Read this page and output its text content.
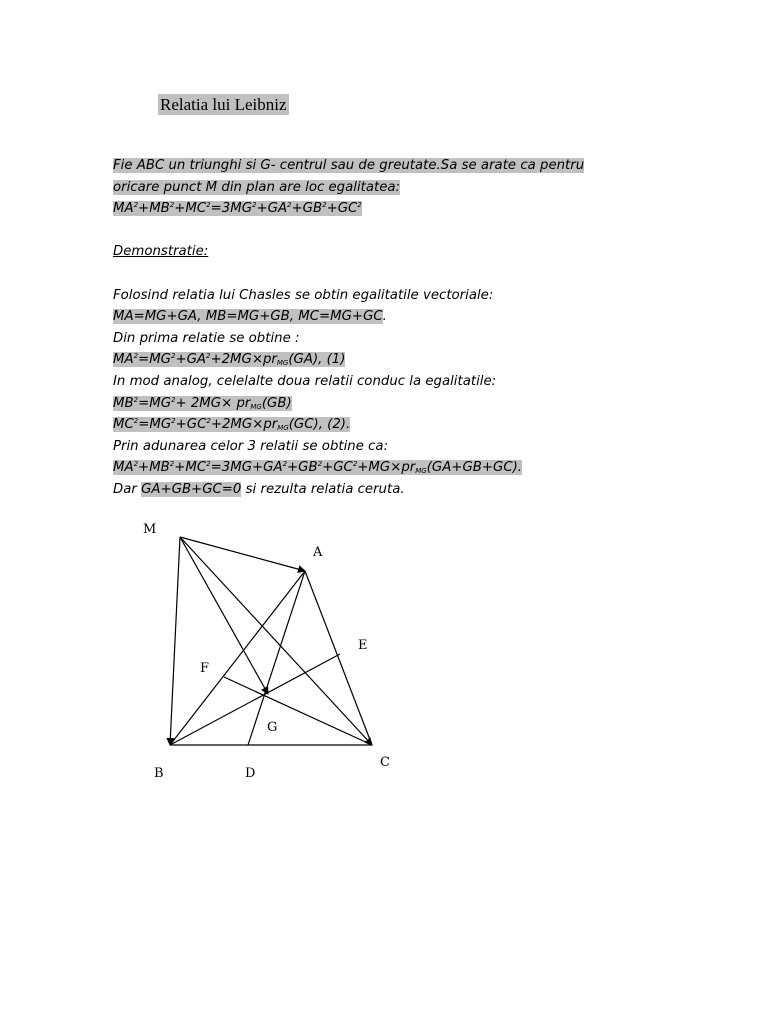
Relatia lui Leibniz
Fie ABC un triunghi si G- centrul sau de greutate.Sa se arate ca pentru
oricare punct M din plan are loc egalitatea:
$MA^2+MB^2+MC^2=3MG^2+GA^2+GB^2+GC^2$
Demonstratie:
Folosind relatia lui Chasles se obtin egalitatile vectoriale:
MA=MG+GA, MB=MG+GB, MC=MG+GC.
Din prima relatie se obtine :
$MA^2=MG^2+GA^2+2MG\times pr_{MG}(GA)$, (1)
In mod analog, celelalte doua relatii conduc la egalitatile:
$MB^2=MG^2+ 2MG\times pr_{MG}(GB)$
$MC^2=MG^2+GC^2+2MG\times pr_{MG}(GC)$, (2).
Prin adunarea celor 3 relatii se obtine ca:
$MA^2+MB^2+MC^2=3MG+GA^2+GB^2+GC^2+MG\times pr_{MG}(GA+GB+GC)$.
Dar GA+GB+GC=0 si rezulta relatia ceruta.
M
A
E
F
G
B	D
C
